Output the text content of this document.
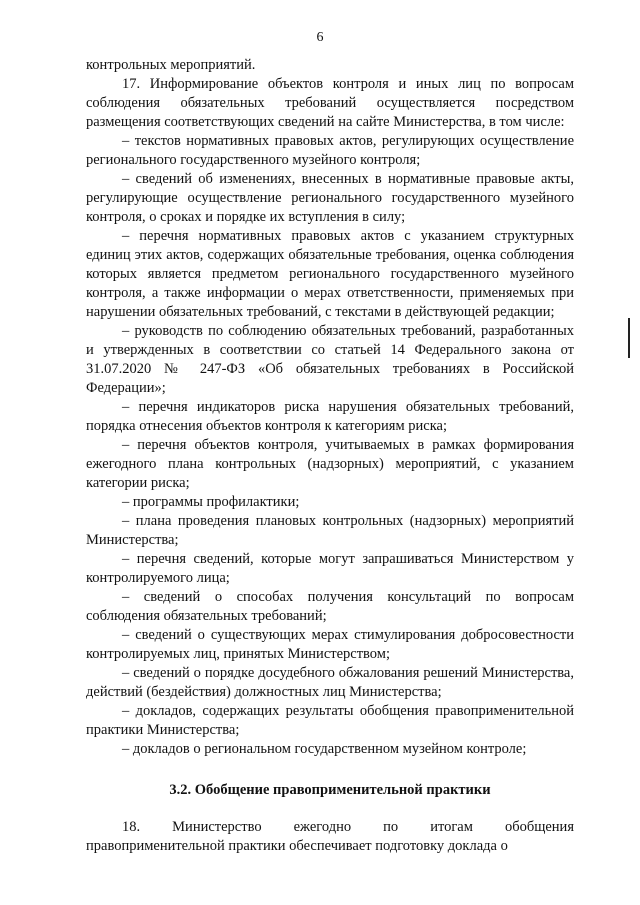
6

контрольных мероприятий.

17. Информирование объектов контроля и иных лиц по вопросам соблюдения обязательных требований осуществляется посредством размещения соответствующих сведений на сайте Министерства, в том числе:

– текстов нормативных правовых актов, регулирующих осуществление регионального государственного музейного контроля;
– сведений об изменениях, внесенных в нормативные правовые акты, регулирующие осуществление регионального государственного музейного контроля, о сроках и порядке их вступления в силу;
– перечня нормативных правовых актов с указанием структурных единиц этих актов, содержащих обязательные требования, оценка соблюдения которых является предметом регионального государственного музейного контроля, а также информации о мерах ответственности, применяемых при нарушении обязательных требований, с текстами в действующей редакции;
– руководств по соблюдению обязательных требований, разработанных и утвержденных в соответствии со статьей 14 Федерального закона от 31.07.2020 № 247-ФЗ «Об обязательных требованиях в Российской Федерации»;
– перечня индикаторов риска нарушения обязательных требований, порядка отнесения объектов контроля к категориям риска;
– перечня объектов контроля, учитываемых в рамках формирования ежегодного плана контрольных (надзорных) мероприятий, с указанием категории риска;
– программы профилактики;
– плана проведения плановых контрольных (надзорных) мероприятий Министерства;
– перечня сведений, которые могут запрашиваться Министерством у контролируемого лица;
– сведений о способах получения консультаций по вопросам соблюдения обязательных требований;
– сведений о существующих мерах стимулирования добросовестности контролируемых лиц, принятых Министерством;
– сведений о порядке досудебного обжалования решений Министерства, действий (бездействия) должностных лиц Министерства;
– докладов, содержащих результаты обобщения правоприменительной практики Министерства;
– докладов о региональном государственном музейном контроле;

3.2. Обобщение правоприменительной практики

18. Министерство ежегодно по итогам обобщения правоприменительной практики обеспечивает подготовку доклада о
